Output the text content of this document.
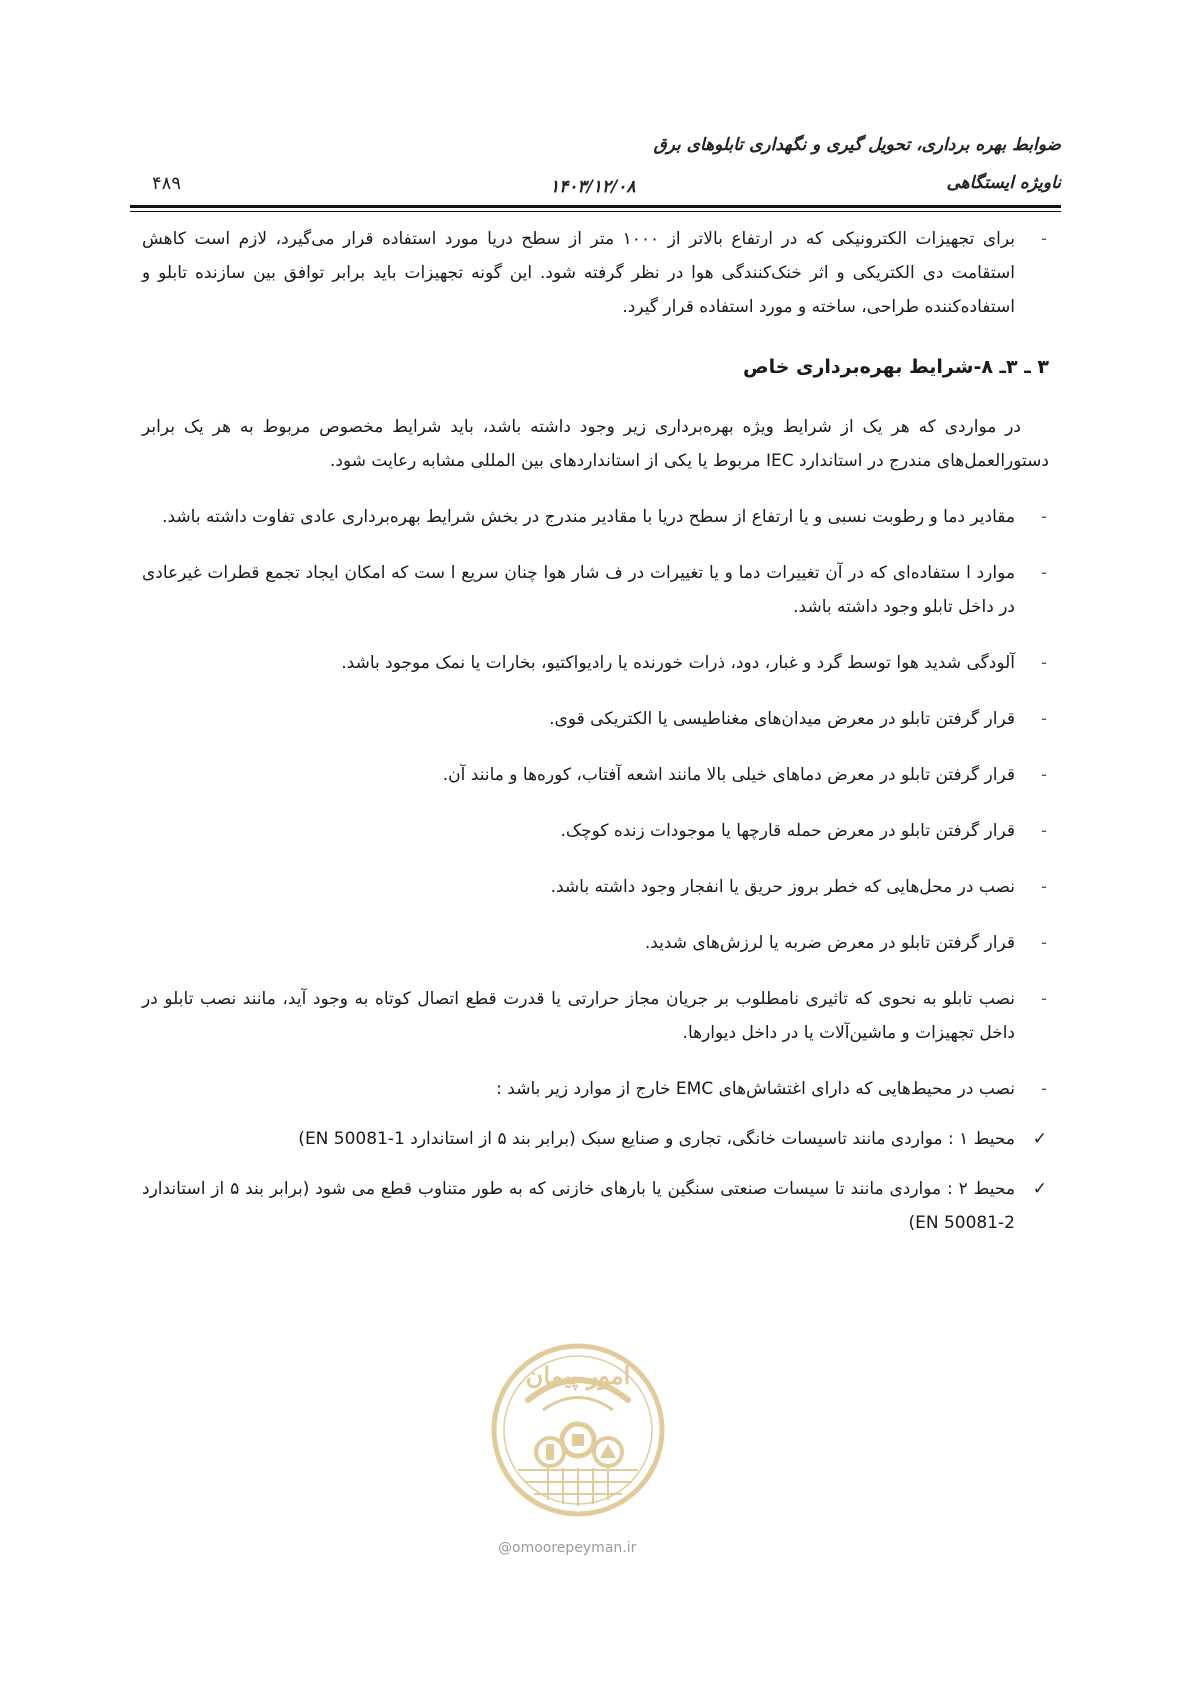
ضوابط بهره برداری، تحویل گیری و نگهداری تابلوهای برق
۴۸۹	۱۴۰۳/۱۲/۰۸	ناویژه ایستگاهی

-
برای تجهیزات الکترونیکی که در ارتفاع بالاتر از ۱۰۰۰ متر از سطح دریا مورد استفاده قرار می‌گیرد، لازم است کاهش استقامت دی الکتریکی و اثر خنک‌کنندگی هوا در نظر گرفته شود. این گونه تجهیزات باید برابر توافق بین سازنده تابلو و استفاده‌کننده طراحی، ساخته و مورد استفاده قرار گیرد.

۳ ـ ۳ـ ۸-شرایط بهره‌برداری خاص

در مواردی که هر یک از شرایط ویژه بهره‌برداری زیر وجود داشته باشد، باید شرایط مخصوص مربوط به هر یک برابر دستورالعمل‌های مندرج در استاندارد IEC مربوط یا یکی از استانداردهای بین المللی مشابه رعایت شود.

-
مقادیر دما و رطوبت نسبی و یا ارتفاع از سطح دریا با مقادیر مندرج در بخش شرایط بهره‌برداری عادی تفاوت داشته باشد.

-
موارد ا ستفاده‌ای که در آن تغییرات دما و یا تغییرات در ف شار هوا چنان سریع ا ست که امکان ایجاد تجمع قطرات غیرعادی در داخل تابلو وجود داشته باشد.

-
آلودگی شدید هوا توسط گرد و غبار، دود، ذرات خورنده یا رادیواکتیو، بخارات یا نمک موجود باشد.

-
قرار گرفتن تابلو در معرض میدان‌های مغناطیسی یا الکتریکی قوی.

-
قرار گرفتن تابلو در معرض دماهای خیلی بالا مانند اشعه آفتاب، کوره‌ها و مانند آن.

-
قرار گرفتن تابلو در معرض حمله قارچها یا موجودات زنده کوچک.

-
نصب در محل‌هایی که خطر بروز حریق یا انفجار وجود داشته باشد.

-
قرار گرفتن تابلو در معرض ضربه یا لرزش‌های شدید.

-
نصب تابلو به نحوی که تاثیری نامطلوب بر جریان مجاز حرارتی یا قدرت قطع اتصال کوتاه به وجود آید، مانند نصب تابلو در داخل تجهیزات و ماشین‌آلات یا در داخل دیوارها.

-
نصب در محیط‌هایی که دارای اغتشاش‌های EMC خارج از موارد زیر باشد :

✓
محیط ۱ : مواردی مانند تاسیسات خانگی، تجاری و صنایع سبک (برابر بند ۵ از استاندارد EN 50081-1)

✓
محیط ۲ : مواردی مانند تا سیسات صنعتی سنگین یا بارهای خازنی که به طور متناوب قطع می شود (برابر بند ۵ از استاندارد EN 50081-2)

امور پیمان
@omoorepeyman.ir
